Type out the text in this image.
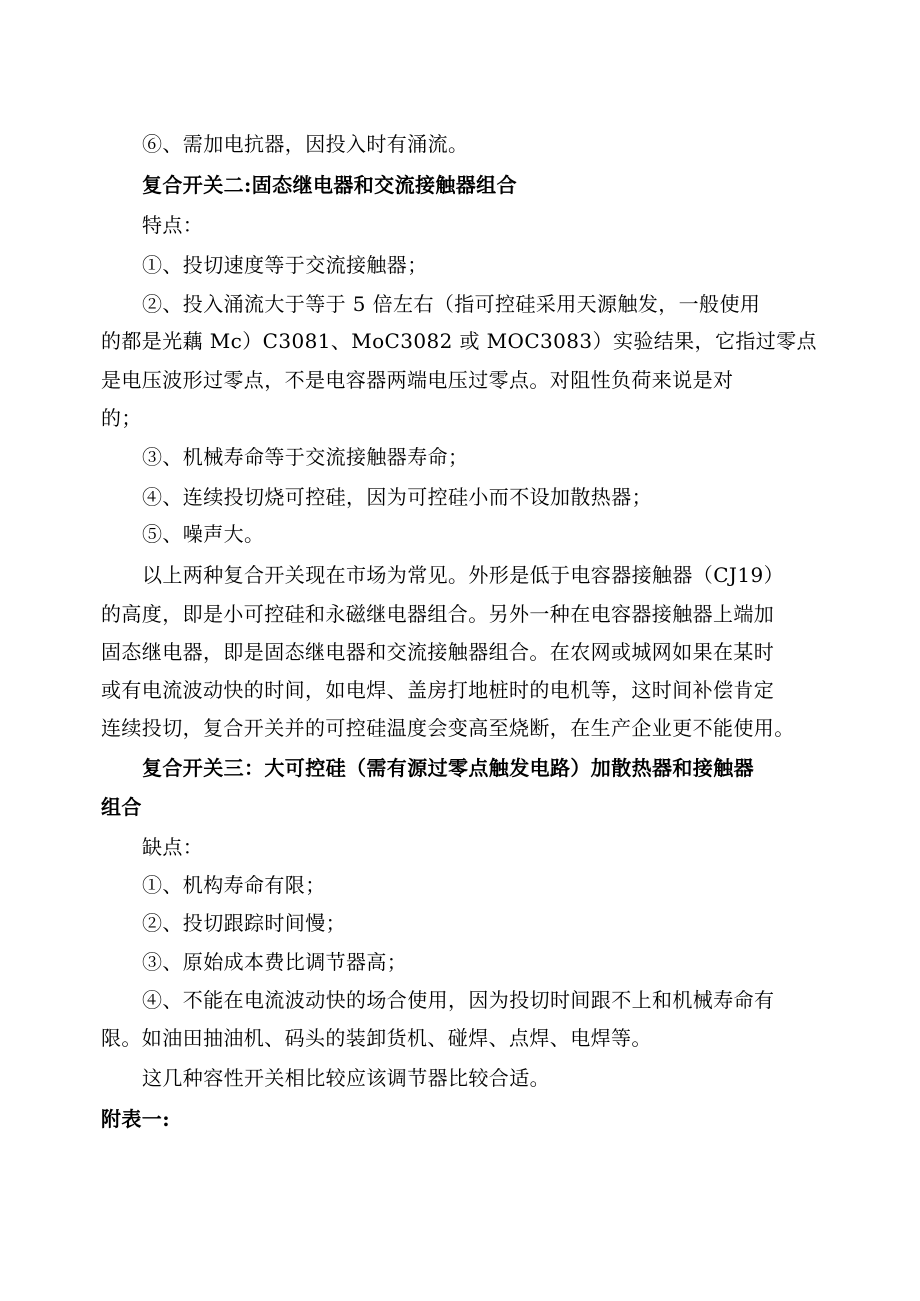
⑥、需加电抗器，因投入时有涌流。
复合开关二:固态继电器和交流接触器组合
特点：
①、投切速度等于交流接触器；
②、投入涌流大于等于 5 倍左右（指可控硅采用天源触发，一般使用
的都是光藕 Mc）C3081、MoC3082 或 MOC3083）实验结果，它指过零点
是电压波形过零点，不是电容器两端电压过零点。对阻性负荷来说是对
的；
③、机械寿命等于交流接触器寿命；
④、连续投切烧可控硅，因为可控硅小而不设加散热器；
⑤、噪声大。
以上两种复合开关现在市场为常见。外形是低于电容器接触器（CJ19）
的高度，即是小可控硅和永磁继电器组合。另外一种在电容器接触器上端加
固态继电器，即是固态继电器和交流接触器组合。在农网或城网如果在某时
或有电流波动快的时间，如电焊、盖房打地桩时的电机等，这时间补偿肯定
连续投切，复合开关并的可控硅温度会变高至烧断，在生产企业更不能使用。
复合开关三：大可控硅（需有源过零点触发电路）加散热器和接触器
组合
缺点：
①、机构寿命有限；
②、投切跟踪时间慢；
③、原始成本费比调节器高；
④、不能在电流波动快的场合使用，因为投切时间跟不上和机械寿命有
限。如油田抽油机、码头的装卸货机、碰焊、点焊、电焊等。
这几种容性开关相比较应该调节器比较合适。
附表一:
